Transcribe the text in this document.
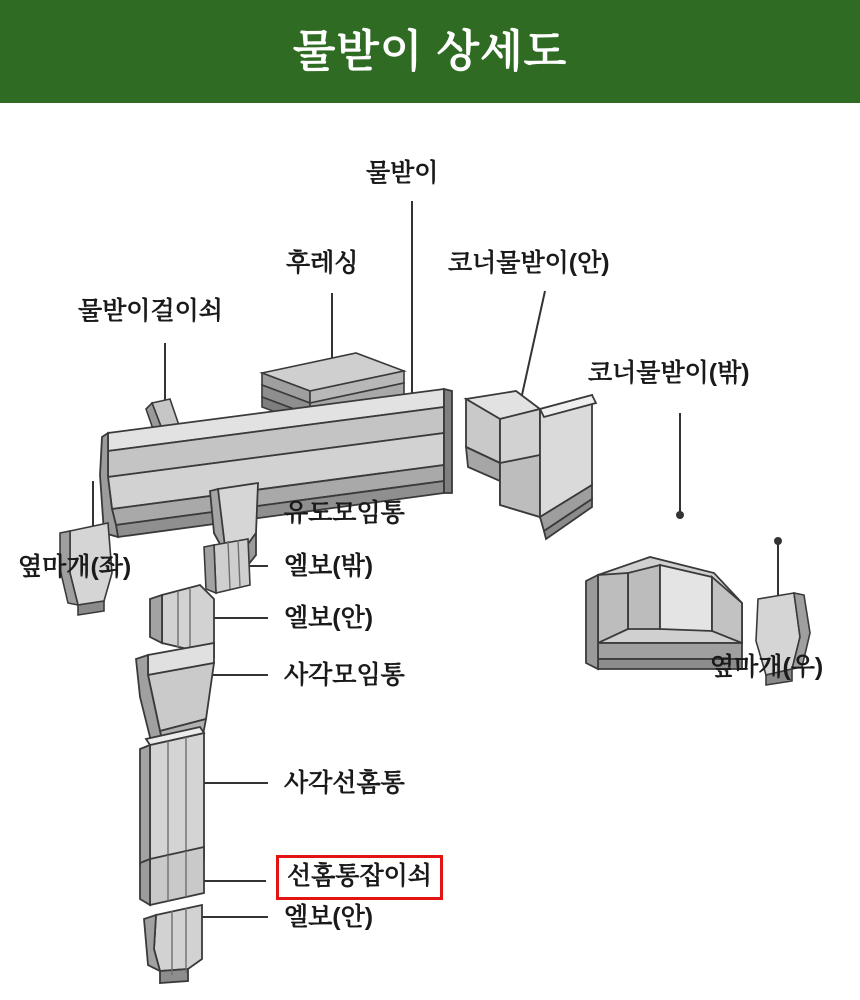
물받이 상세도
물받이
후레싱	코너물받이(안)
코너물받이(밖)
물받이걸이쇠
옆마개(좌)
옆마개(우)
유도모임통
엘보(밖)
엘보(안)
사각모임통
사각선홈통
선홈통잡이쇠
엘보(안)
